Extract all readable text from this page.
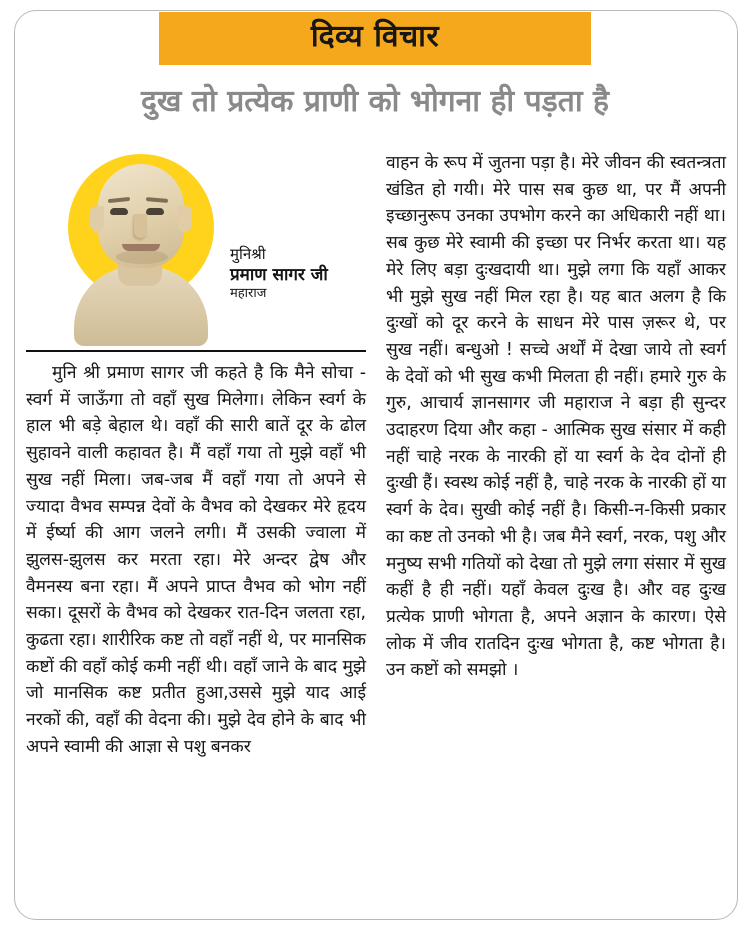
दिव्य विचार
दुख तो प्रत्येक प्राणी को भोगना ही पड़ता है
मुनिश्री
प्रमाण सागर जी
महाराज
मुनि श्री प्रमाण सागर जी कहते है कि मैने सोचा - स्वर्ग में जाऊँगा तो वहाँ सुख मिलेगा। लेकिन स्वर्ग के हाल भी बड़े बेहाल थे। वहाँ की सारी बातें दूर के ढोल सुहावने वाली कहावत है। मैं वहाँ गया तो मुझे वहाँ भी सुख नहीं मिला। जब-जब मैं वहाँ गया तो अपने से ज्यादा वैभव सम्पन्न देवों के वैभव को देखकर मेरे हृदय में ईर्ष्या की आग जलने लगी। मैं उसकी ज्वाला में झुलस-झुलस कर मरता रहा। मेरे अन्दर द्वेष और वैमनस्य बना रहा। मैं अपने प्राप्त वैभव को भोग नहीं सका। दूसरों के वैभव को देखकर रात-दिन जलता रहा, कुढता रहा। शारीरिक कष्ट तो वहाँ नहीं थे, पर मानसिक कष्टों की वहाँ कोई कमी नहीं थी। वहाँ जाने के बाद मुझे जो मानसिक कष्ट प्रतीत हुआ,उससे मुझे याद आई नरकों की, वहाँ की वेदना की। मुझे देव होने के बाद भी अपने स्वामी की आज्ञा से पशु बनकर
वाहन के रूप में जुतना पड़ा है। मेरे जीवन की स्वतन्त्रता खंडित हो गयी। मेरे पास सब कुछ था, पर मैं अपनी इच्छानुरूप उनका उपभोग करने का अधिकारी नहीं था। सब कुछ मेरे स्वामी की इच्छा पर निर्भर करता था। यह मेरे लिए बड़ा दुःखदायी था। मुझे लगा कि यहाँ आकर भी मुझे सुख नहीं मिल रहा है। यह बात अलग है कि दुःखों को दूर करने के साधन मेरे पास ज़रूर थे, पर सुख नहीं। बन्धुओ ! सच्चे अर्थों में देखा जाये तो स्वर्ग के देवों को भी सुख कभी मिलता ही नहीं। हमारे गुरु के गुरु, आचार्य ज्ञानसागर जी महाराज ने बड़ा ही सुन्दर उदाहरण दिया और कहा - आत्मिक सुख संसार में कही नहीं चाहे नरक के नारकी हों या स्वर्ग के देव दोनों ही दुःखी हैं। स्वस्थ कोई नहीं है, चाहे नरक के नारकी हों या स्वर्ग के देव। सुखी कोई नहीं है। किसी-न-किसी प्रकार का कष्ट तो उनको भी है। जब मैने स्वर्ग, नरक, पशु और मनुष्य सभी गतियों को देखा तो मुझे लगा संसार में सुख कहीं है ही नहीं। यहाँ केवल दुःख है। और वह दुःख प्रत्येक प्राणी भोगता है, अपने अज्ञान के कारण। ऐसे लोक में जीव रातदिन दुःख भोगता है, कष्ट भोगता है। उन कष्टों को समझो ।
